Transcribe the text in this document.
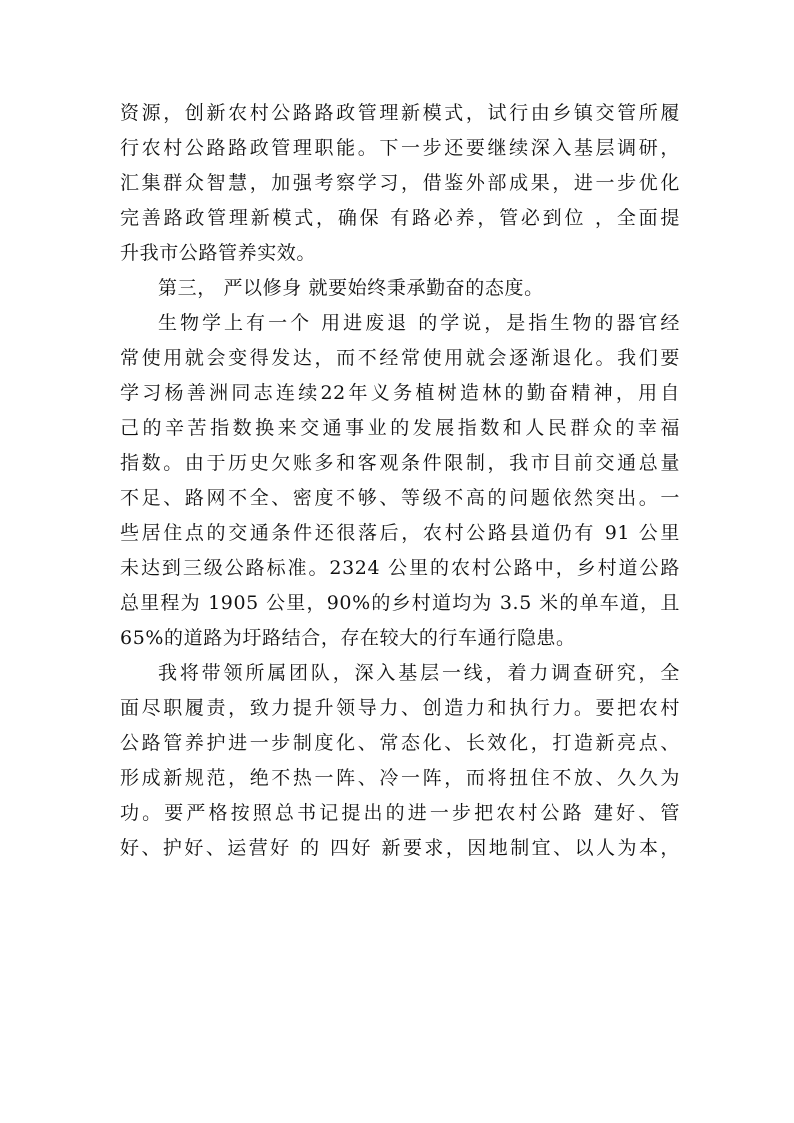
资源，创新农村公路路政管理新模式，试行由乡镇交管所履
行农村公路路政管理职能。下一步还要继续深入基层调研，
汇集群众智慧，加强考察学习，借鉴外部成果，进一步优化
完善路政管理新模式，确保 有路必养，管必到位 ，全面提
升我市公路管养实效。
第三， 严以修身 就要始终秉承勤奋的态度。
生物学上有一个 用进废退 的学说，是指生物的器官经
常使用就会变得发达，而不经常使用就会逐渐退化。我们要
学习杨善洲同志连续22年义务植树造林的勤奋精神，用自
己的辛苦指数换来交通事业的发展指数和人民群众的幸福
指数。由于历史欠账多和客观条件限制，我市目前交通总量
不足、路网不全、密度不够、等级不高的问题依然突出。一
些居住点的交通条件还很落后，农村公路县道仍有 91 公里
未达到三级公路标准。2324 公里的农村公路中，乡村道公路
总里程为 1905 公里，90%的乡村道均为 3.5 米的单车道，且
65%的道路为圩路结合，存在较大的行车通行隐患。
我将带领所属团队，深入基层一线，着力调查研究，全
面尽职履责，致力提升领导力、创造力和执行力。要把农村
公路管养护进一步制度化、常态化、长效化，打造新亮点、
形成新规范，绝不热一阵、冷一阵，而将扭住不放、久久为
功。要严格按照总书记提出的进一步把农村公路 建好、管
好、护好、运营好 的 四好 新要求，因地制宜、以人为本，
